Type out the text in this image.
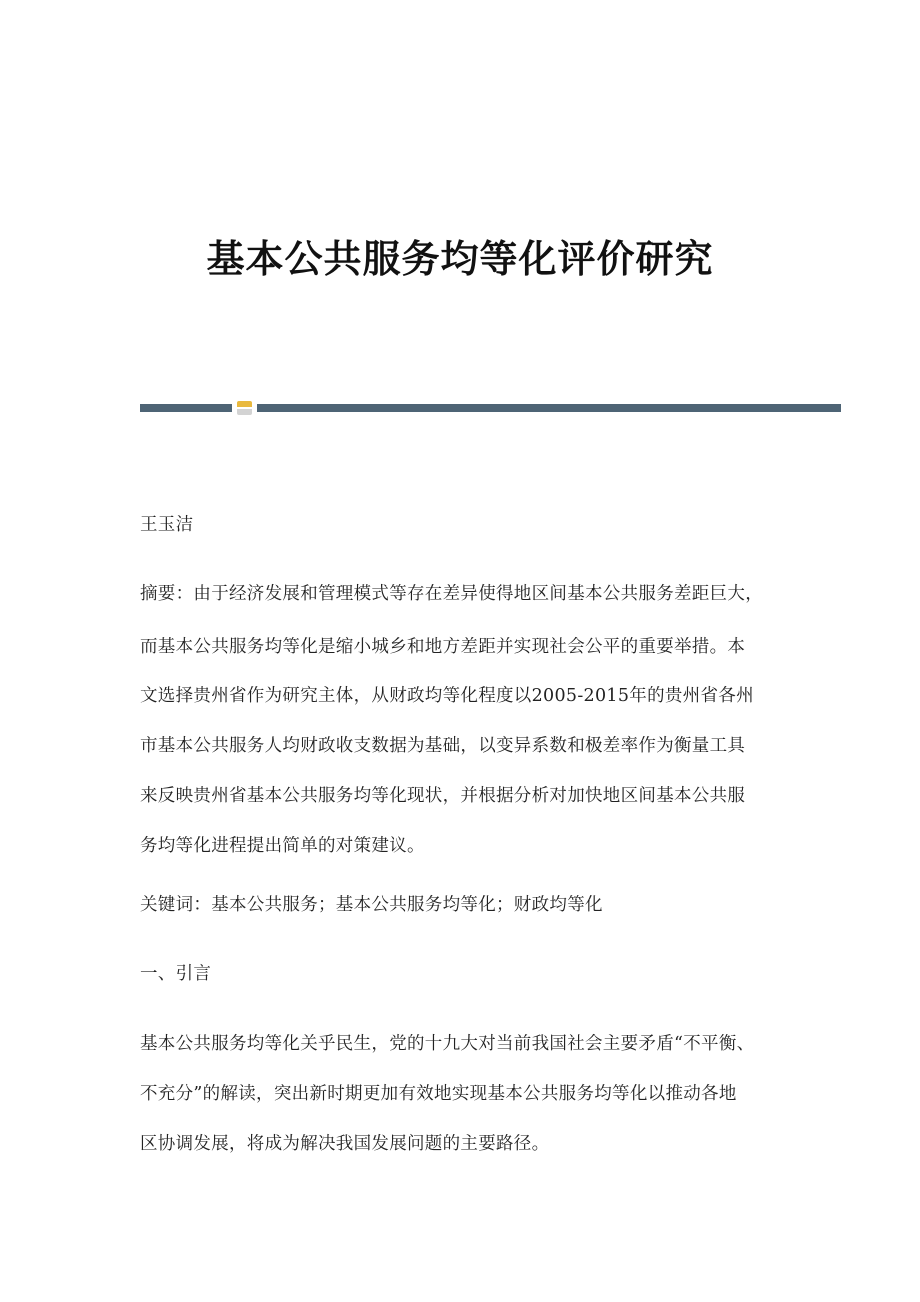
基本公共服务均等化评价研究
王玉洁
摘要：由于经济发展和管理模式等存在差异使得地区间基本公共服务差距巨大，
而基本公共服务均等化是缩小城乡和地方差距并实现社会公平的重要举措。本
文选择贵州省作为研究主体，从财政均等化程度以2005-2015年的贵州省各州
市基本公共服务人均财政收支数据为基础，以变异系数和极差率作为衡量工具
来反映贵州省基本公共服务均等化现状，并根据分析对加快地区间基本公共服
务均等化进程提出简单的对策建议。
关键词：基本公共服务；基本公共服务均等化；财政均等化
一、引言
基本公共服务均等化关乎民生，党的十九大对当前我国社会主要矛盾“不平衡、
不充分”的解读，突出新时期更加有效地实现基本公共服务均等化以推动各地
区协调发展，将成为解决我国发展问题的主要路径。
